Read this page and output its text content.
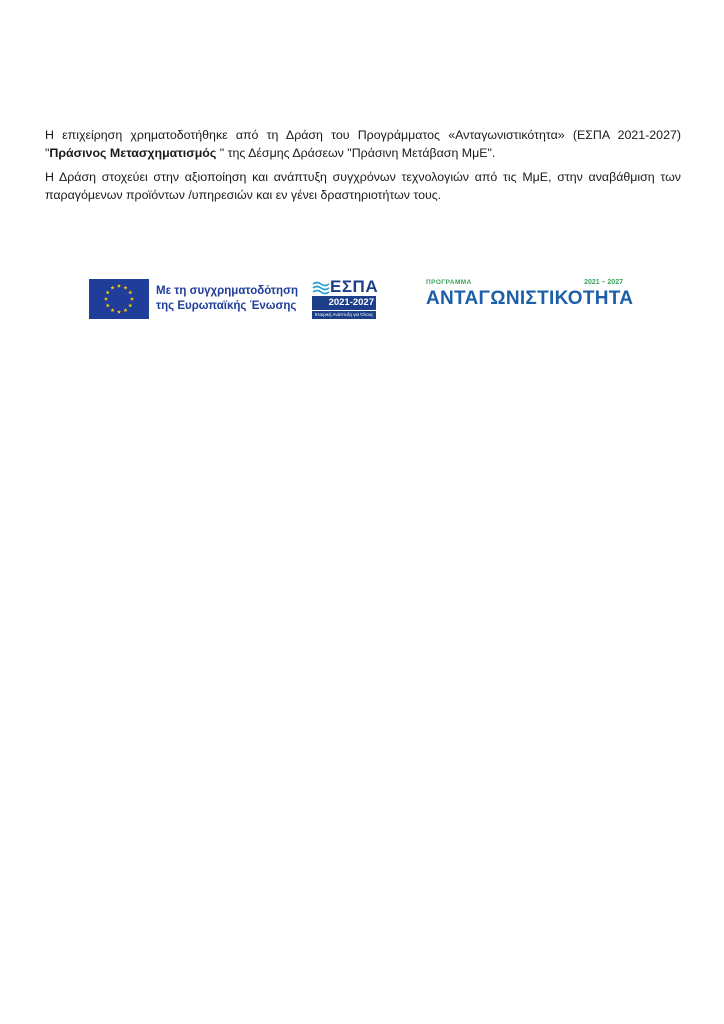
Η επιχείρηση χρηματοδοτήθηκε από τη Δράση του Προγράμματος «Ανταγωνιστικότητα» (ΕΣΠΑ 2021-2027)
"Πράσινος Μετασχηματισμός " της Δέσμης Δράσεων "Πράσινη Μετάβαση ΜμΕ".

Η Δράση στοχεύει στην αξιοποίηση και ανάπτυξη συγχρόνων τεχνολογιών από τις ΜμΕ, στην αναβάθμιση των
παραγόμενων προϊόντων /υπηρεσιών και εν γένει δραστηριοτήτων τους.

Με τη συγχρηματοδότηση
της Ευρωπαϊκής Ένωσης
ΕΣΠΑ
2021-2027
Εταιρική Ανάπτυξη για Όλους
ΠΡΟΓΡΑΜΜΑ	2021 – 2027
ΑΝΤΑΓΩΝΙΣΤΙΚΟΤΗΤΑ
